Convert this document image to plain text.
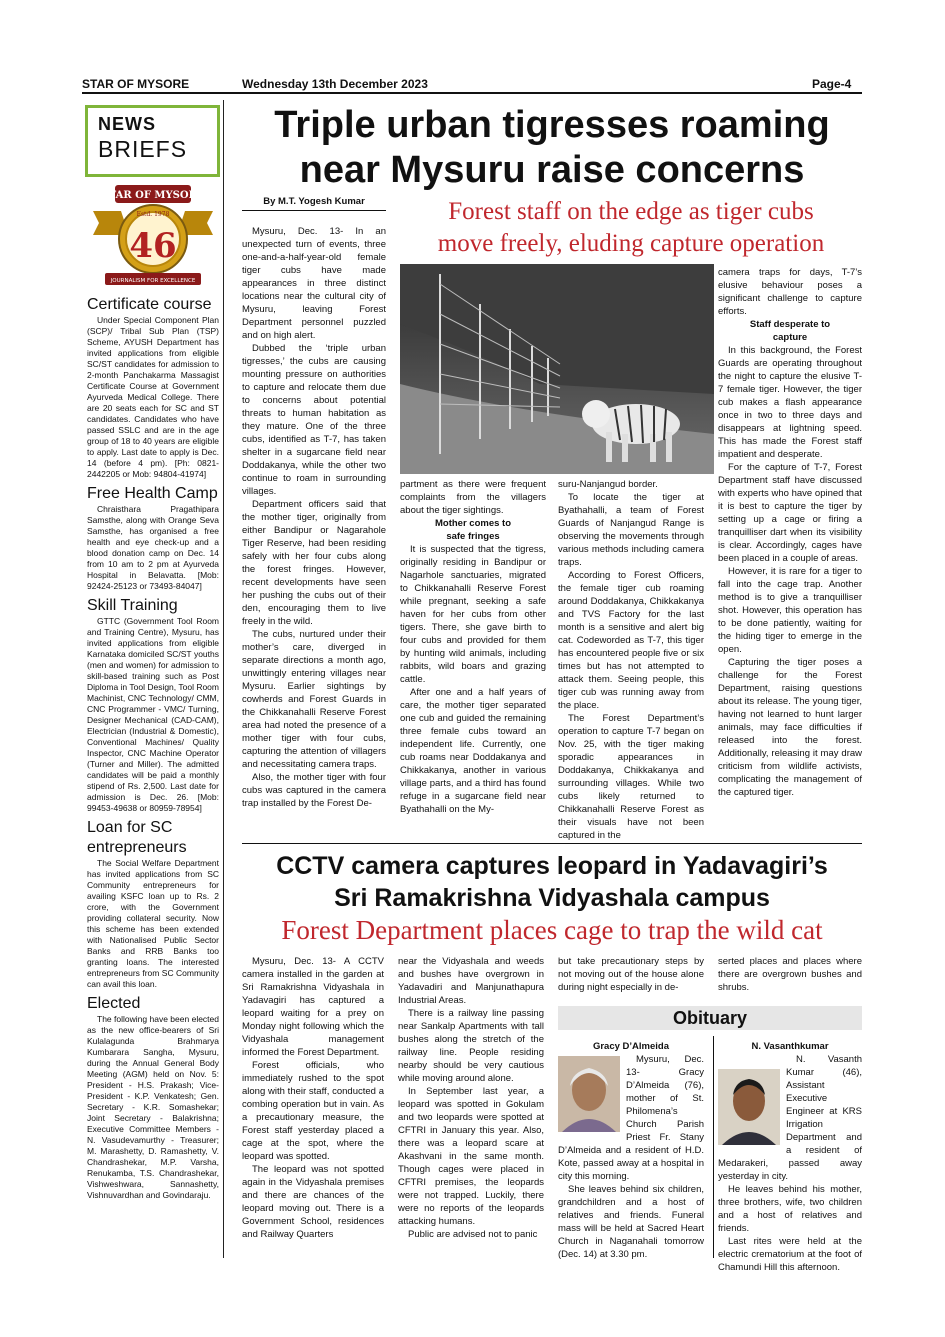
STAR OF MYSORE	Wednesday 13th December 2023	Page-4
NEWS
BRIEFS
STAR OF MYSORE
Estd. 1978
46
JOURNALISM FOR EXCELLENCE
Certificate course
Under Special Component Plan (SCP)/ Tribal Sub Plan (TSP) Scheme, AYUSH Department has invited applications from eligible SC/ST candidates for admission to 2-month Panchakarma Massagist Certificate Course at Government Ayurveda Medical College. There are 20 seats each for SC and ST candidates. Candidates who have passed SSLC and are in the age group of 18 to 40 years are eligible to apply. Last date to apply is Dec. 14 (before 4 pm). [Ph: 0821-2442205 or Mob: 94804-41974]
Free Health Camp
Chraisthara Pragathipara Samsthe, along with Orange Seva Samsthe, has organised a free health and eye check-up and a blood donation camp on Dec. 14 from 10 am to 2 pm at Ayurveda Hospital in Belavatta. [Mob: 92424-25123 or 73493-84047]
Skill Training
GTTC (Government Tool Room and Training Centre), Mysuru, has invited applications from eligible Karnataka domiciled SC/ST youths (men and women) for admission to skill-based training such as Post Diploma in Tool Design, Tool Room Machinist, CNC Technology/ CMM, CNC Programmer - VMC/ Turning, Designer Mechanical (CAD-CAM), Electrician (Industrial & Domestic), Conventional Machines/ Quality Inspector, CNC Machine Operator (Turner and Miller). The admitted candidates will be paid a monthly stipend of Rs. 2,500. Last date for admission is Dec. 26. [Mob: 99453-49638 or 80959-78954]
Loan for SC entrepreneurs
The Social Welfare Department has invited applications from SC Community entrepreneurs for availing KSFC loan up to Rs. 2 crore, with the Government providing collateral security. Now this scheme has been extended with Nationalised Public Sector Banks and RRB Banks too granting loans. The interested entrepreneurs from SC Community can avail this loan.
Elected
The following have been elected as the new office-bearers of Sri Kulalagunda Brahmarya Kumbarara Sangha, Mysuru, during the Annual General Body Meeting (AGM) held on Nov. 5: President - H.S. Prakash; Vice-President - K.P. Venkatesh; Gen. Secretary - K.R. Somashekar; Joint Secretary - Balakrishna; Executive Committee Members - N. Vasudevamurthy - Treasurer; M. Marashetty, D. Ramashetty, V. Chandrashekar, M.P. Varsha, Renukamba, T.S. Chandrashekar, Vishweshwara, Sannashetty, Vishnuvardhan and Govindaraju.
Triple urban tigresses roaming
near Mysuru raise concerns
By M.T. Yogesh Kumar	Forest staff on the edge as tiger cubs
move freely, eluding capture operation

Mysuru, Dec. 13- In an unexpected turn of events, three one-and-a-half-year-old female tiger cubs have made appearances in three distinct locations near the cultural city of Mysuru, leaving Forest Department personnel puzzled and on high alert.

Dubbed the ‘triple urban tigresses,’ the cubs are causing mounting pressure on authorities to capture and relocate them due to concerns about potential threats to human habitation as they mature. One of the three cubs, identified as T-7, has taken shelter in a sugarcane field near Doddakanya, while the other two continue to roam in surrounding villages.

Department officers said that the mother tiger, originally from either Bandipur or Nagarahole Tiger Reserve, had been residing safely with her four cubs along the forest fringes. However, recent developments have seen her pushing the cubs out of their den, encouraging them to live freely in the wild.

The cubs, nurtured under their mother’s care, diverged in separate directions a month ago, unwittingly entering villages near Mysuru. Earlier sightings by cowherds and Forest Guards in the Chikkanahalli Reserve Forest area had noted the presence of a mother tiger with four cubs, capturing the attention of villagers and necessitating camera traps.

Also, the mother tiger with four cubs was captured in the camera trap installed by the Forest De-

partment as there were frequent complaints from the villagers about the tiger sightings.

Mother comes to safe fringes

It is suspected that the tigress, originally residing in Bandipur or Nagarhole sanctuaries, migrated to Chikkanahalli Reserve Forest while pregnant, seeking a safe haven for her cubs from other tigers. There, she gave birth to four cubs and provided for them by hunting wild animals, including rabbits, wild boars and grazing cattle.

After one and a half years of care, the mother tiger separated one cub and guided the remaining three female cubs toward an independent life. Currently, one cub roams near Doddakanya and Chikkakanya, another in various village parts, and a third has found refuge in a sugarcane field near Byathahalli on the My-

suru-Nanjangud border.

To locate the tiger at Byathahalli, a team of Forest Guards of Nanjangud Range is observing the movements through various methods including camera traps.

According to Forest Officers, the female tiger cub roaming around Doddakanya, Chikkakanya and TVS Factory for the last month is a sensitive and alert big cat. Codeworded as T-7, this tiger has encountered people five or six times but has not attempted to attack them. Seeing people, this tiger cub was running away from the place.

The Forest Department’s operation to capture T-7 began on Nov. 25, with the tiger making sporadic appearances in Doddakanya, Chikkakanya and surrounding villages. While two cubs likely returned to Chikkanahalli Reserve Forest as their visuals have not been captured in the

camera traps for days, T-7’s elusive behaviour poses a significant challenge to capture efforts.

Staff desperate to capture

In this background, the Forest Guards are operating throughout the night to capture the elusive T-7 female tiger. However, the tiger cub makes a flash appearance once in two to three days and disappears at lightning speed. This has made the Forest staff impatient and desperate.

For the capture of T-7, Forest Department staff have discussed with experts who have opined that it is best to capture the tiger by setting up a cage or firing a tranquilliser dart when its visibility is clear. Accordingly, cages have been placed in a couple of areas.

However, it is rare for a tiger to fall into the cage trap. Another method is to give a tranquilliser shot. However, this operation has to be done patiently, waiting for the hiding tiger to emerge in the open.

Capturing the tiger poses a challenge for the Forest Department, raising questions about its release. The young tiger, having not learned to hunt larger animals, may face difficulties if released into the forest. Additionally, releasing it may draw criticism from wildlife activists, complicating the management of the captured tiger.

CCTV camera captures leopard in Yadavagiri’s
Sri Ramakrishna Vidyashala campus
Forest Department places cage to trap the wild cat

Mysuru, Dec. 13- A CCTV camera installed in the garden at Sri Ramakrishna Vidyashala in Yadavagiri has captured a leopard waiting for a prey on Monday night following which the Vidyashala management informed the Forest Department.

Forest officials, who immediately rushed to the spot along with their staff, conducted a combing operation but in vain. As a precautionary measure, the Forest staff yesterday placed a cage at the spot, where the leopard was spotted.

The leopard was not spotted again in the Vidyashala premises and there are chances of the leopard moving out. There is a Government School, residences and Railway Quarters

near the Vidyashala and weeds and bushes have overgrown in Yadavadiri and Manjunathapura Industrial Areas.

There is a railway line passing near Sankalp Apartments with tall bushes along the stretch of the railway line. People residing nearby should be very cautious while moving around alone.

In September last year, a leopard was spotted in Gokulam and two leopards were spotted at CFTRI in January this year. Also, there was a leopard scare at Akashvani in the same month. Though cages were placed in CFTRI premises, the leopards were not trapped. Luckily, there were no reports of the leopards attacking humans.

Public are advised not to panic

but take precautionary steps by not moving out of the house alone during night especially in de-

serted places and places where there are overgrown bushes and shrubs.

Obituary
Gracy D’Almeida

Mysuru, Dec. 13- Gracy D’Almeida (76), mother of St. Philomena’s Church Parish Priest Fr. Stany D’Almeida and a resident of H.D. Kote, passed away at a hospital in city this morning.

She leaves behind six children, grandchildren and a host of relatives and friends. Funeral mass will be held at Sacred Heart Church in Naganahali tomorrow (Dec. 14) at 3.30 pm.

N. Vasanthkumar

N. Vasanth Kumar (46), Assistant Executive Engineer at KRS Irrigation Department and a resident of Medarakeri, passed away yesterday in city.

He leaves behind his mother, three brothers, wife, two children and a host of relatives and friends.

Last rites were held at the electric crematorium at the foot of Chamundi Hill this afternoon.
